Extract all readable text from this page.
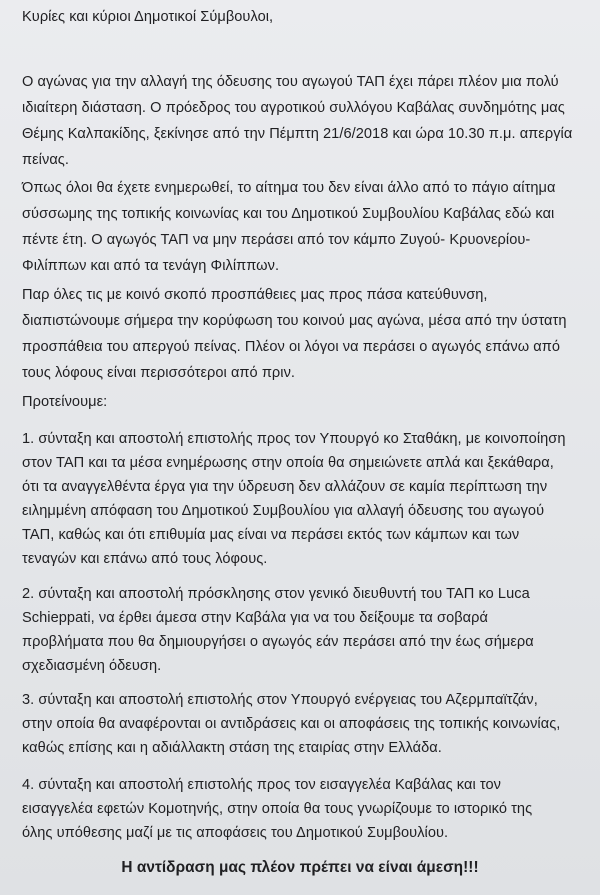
Κυρίες και κύριοι Δημοτικοί Σύμβουλοι,
Ο αγώνας για την αλλαγή της όδευσης του αγωγού ΤΑΠ έχει πάρει πλέον μια πολύ
ιδιαίτερη διάσταση. Ο πρόεδρος του αγροτικού συλλόγου Καβάλας συνδημότης μας
Θέμης Καλπακίδης, ξεκίνησε από την Πέμπτη 21/6/2018 και ώρα 10.30 π.μ. απεργία
πείνας.
Όπως όλοι θα έχετε ενημερωθεί, το αίτημα του δεν είναι άλλο από το πάγιο αίτημα
σύσσωμης της τοπικής κοινωνίας και του Δημοτικού Συμβουλίου Καβάλας εδώ και
πέντε έτη. Ο αγωγός ΤΑΠ να μην περάσει από τον κάμπο Ζυγού- Κρυονερίου-
Φιλίππων και από τα τενάγη Φιλίππων.
Παρ όλες τις με κοινό σκοπό προσπάθειες μας προς πάσα κατεύθυνση,
διαπιστώνουμε σήμερα την κορύφωση του κοινού μας αγώνα, μέσα από την ύστατη
προσπάθεια του απεργού πείνας. Πλέον οι λόγοι να περάσει ο αγωγός επάνω από
τους λόφους είναι περισσότεροι από πριν.
Προτείνουμε:
1. σύνταξη και αποστολή επιστολής προς τον Υπουργό κο Σταθάκη, με κοινοποίηση
στον ΤΑΠ και τα μέσα ενημέρωσης στην οποία θα σημειώνετε απλά και ξεκάθαρα,
ότι τα αναγγελθέντα έργα για την ύδρευση δεν αλλάζουν σε καμία περίπτωση την
ειλημμένη απόφαση του Δημοτικού Συμβουλίου για αλλαγή όδευσης του αγωγού
ΤΑΠ, καθώς και ότι επιθυμία μας είναι να περάσει εκτός των κάμπων και των
τεναγών και επάνω από τους λόφους.
2. σύνταξη και αποστολή πρόσκλησης στον γενικό διευθυντή του ΤΑΠ κο Luca
Schieppati, να έρθει άμεσα στην Καβάλα για να του δείξουμε τα σοβαρά
προβλήματα που θα δημιουργήσει ο αγωγός εάν περάσει από την έως σήμερα
σχεδιασμένη όδευση.
3. σύνταξη και αποστολή επιστολής στον Υπουργό ενέργειας του Αζερμπαϊτζάν,
στην οποία θα αναφέρονται οι αντιδράσεις και οι αποφάσεις της τοπικής κοινωνίας,
καθώς επίσης και η αδιάλλακτη στάση της εταιρίας στην Ελλάδα.
4. σύνταξη και αποστολή επιστολής προς τον εισαγγελέα Καβάλας και τον
εισαγγελέα εφετών Κομοτηνής, στην οποία θα τους γνωρίζουμε το ιστορικό της
όλης υπόθεσης μαζί με τις αποφάσεις του Δημοτικού Συμβουλίου.
Η αντίδραση μας πλέον πρέπει να είναι άμεση!!!
